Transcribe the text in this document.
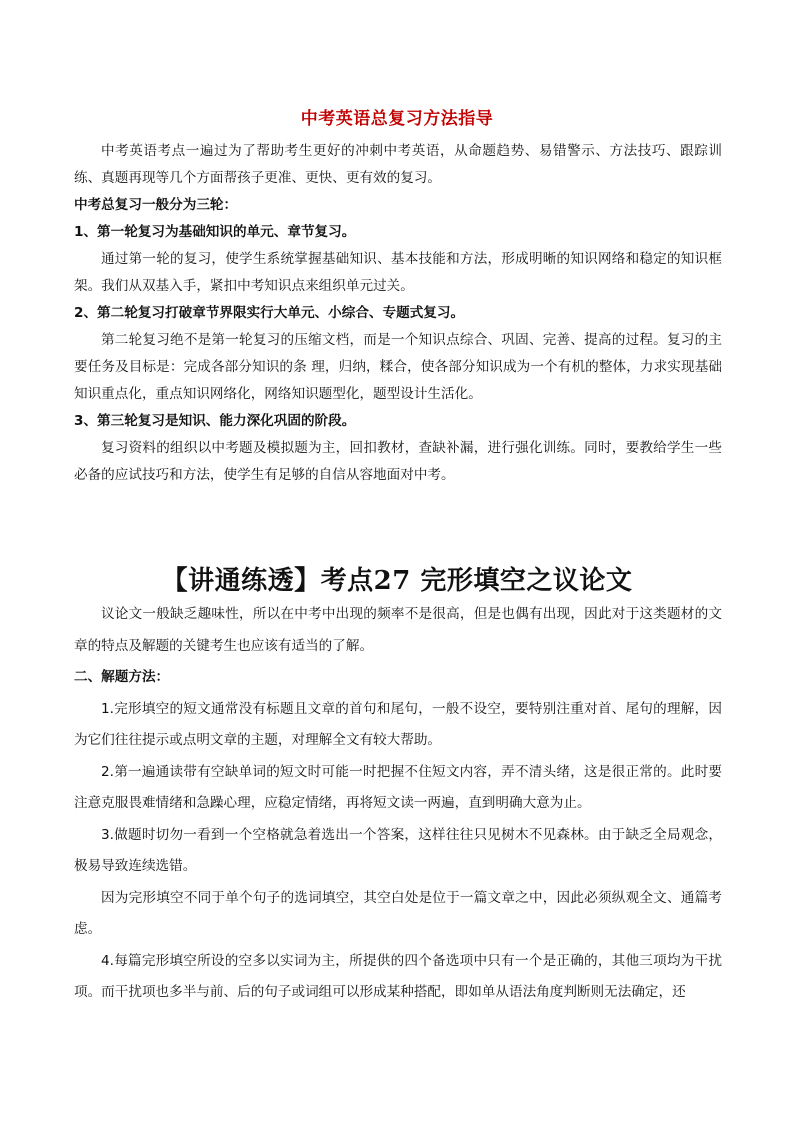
中考英语总复习方法指导

中考英语考点一遍过为了帮助考生更好的冲刺中考英语，从命题趋势、易错警示、方法技巧、跟踪训练、真题再现等几个方面帮孩子更准、更快、更有效的复习。

中考总复习一般分为三轮：

1、第一轮复习为基础知识的单元、章节复习。

通过第一轮的复习，使学生系统掌握基础知识、基本技能和方法，形成明晰的知识网络和稳定的知识框架。我们从双基入手，紧扣中考知识点来组织单元过关。

2、第二轮复习打破章节界限实行大单元、小综合、专题式复习。

第二轮复习绝不是第一轮复习的压缩文档，而是一个知识点综合、巩固、完善、提高的过程。复习的主要任务及目标是：完成各部分知识的条 理，归纳，糅合，使各部分知识成为一个有机的整体，力求实现基础知识重点化，重点知识网络化，网络知识题型化，题型设计生活化。

3、第三轮复习是知识、能力深化巩固的阶段。

复习资料的组织以中考题及模拟题为主，回扣教材，查缺补漏，进行强化训练。同时，要教给学生一些必备的应试技巧和方法，使学生有足够的自信从容地面对中考。

【讲通练透】考点27 完形填空之议论文

议论文一般缺乏趣味性，所以在中考中出现的频率不是很高，但是也偶有出现，因此对于这类题材的文章的特点及解题的关键考生也应该有适当的了解。

二、解题方法：

1.完形填空的短文通常没有标题且文章的首句和尾句，一般不设空，要特别注重对首、尾句的理解，因为它们往往提示或点明文章的主题，对理解全文有较大帮助。

2.第一遍通读带有空缺单词的短文时可能一时把握不住短文内容，弄不清头绪，这是很正常的。此时要注意克服畏难情绪和急躁心理，应稳定情绪，再将短文读一两遍，直到明确大意为止。

3.做题时切勿一看到一个空格就急着选出一个答案，这样往往只见树木不见森林。由于缺乏全局观念，极易导致连续选错。

因为完形填空不同于单个句子的选词填空，其空白处是位于一篇文章之中，因此必须纵观全文、通篇考虑。

4.每篇完形填空所设的空多以实词为主，所提供的四个备选项中只有一个是正确的，其他三项均为干扰项。而干扰项也多半与前、后的句子或词组可以形成某种搭配，即如单从语法角度判断则无法确定，还
